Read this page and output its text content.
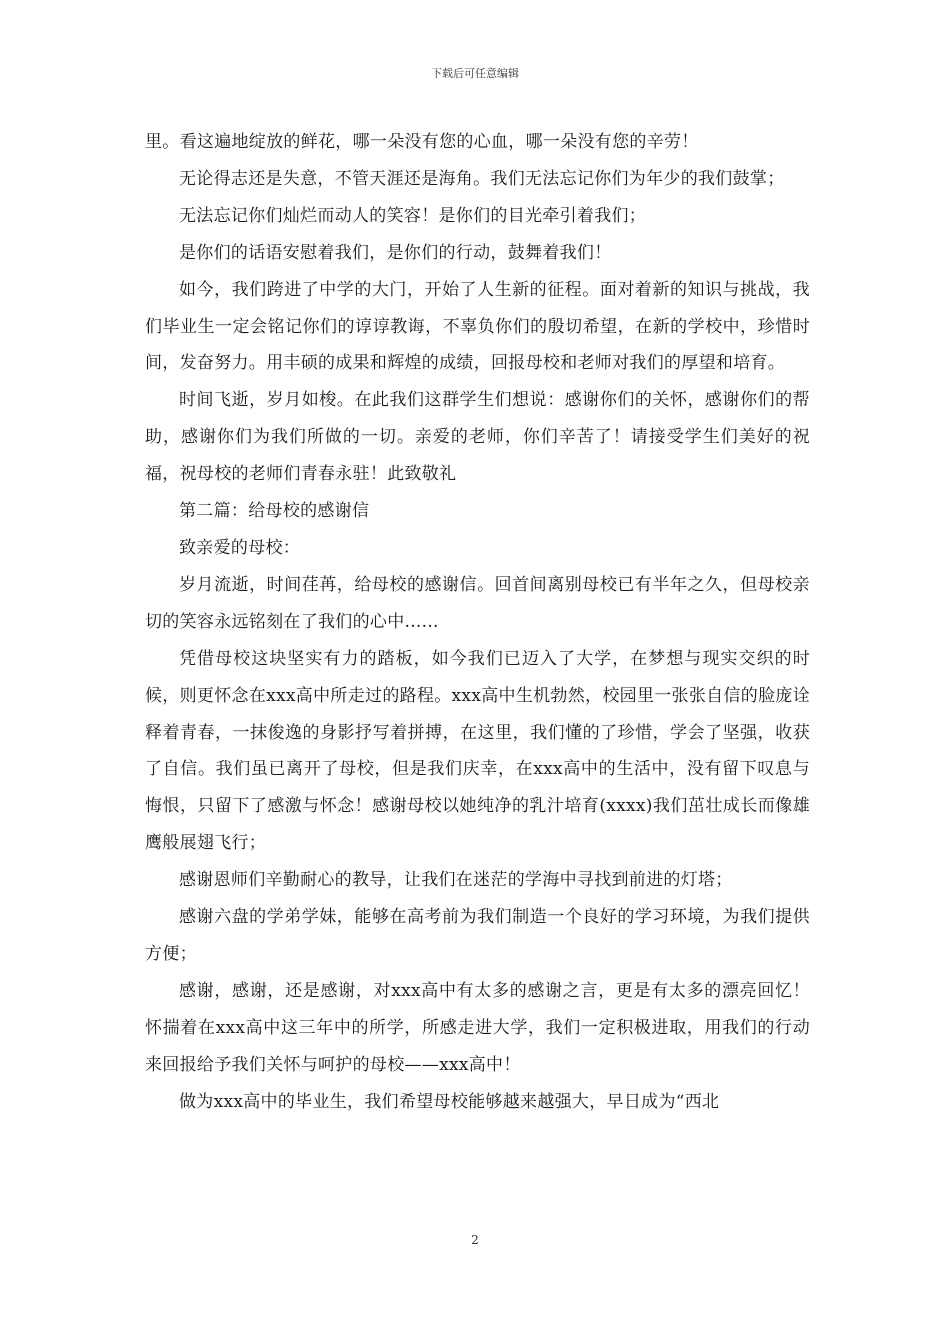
下载后可任意编辑

里。看这遍地绽放的鲜花，哪一朵没有您的心血，哪一朵没有您的辛劳！

无论得志还是失意，不管天涯还是海角。我们无法忘记你们为年少的我们鼓掌；

无法忘记你们灿烂而动人的笑容！是你们的目光牵引着我们；

是你们的话语安慰着我们，是你们的行动，鼓舞着我们！

如今，我们跨进了中学的大门，开始了人生新的征程。面对着新的知识与挑战，我们毕业生一定会铭记你们的谆谆教诲，不辜负你们的殷切希望，在新的学校中，珍惜时间，发奋努力。用丰硕的成果和辉煌的成绩，回报母校和老师对我们的厚望和培育。

时间飞逝，岁月如梭。在此我们这群学生们想说：感谢你们的关怀，感谢你们的帮助，感谢你们为我们所做的一切。亲爱的老师，你们辛苦了！请接受学生们美好的祝福，祝母校的老师们青春永驻！此致敬礼

第二篇：给母校的感谢信

致亲爱的母校：

岁月流逝，时间荏苒，给母校的感谢信。回首间离别母校已有半年之久，但母校亲切的笑容永远铭刻在了我们的心中......

凭借母校这块坚实有力的踏板，如今我们已迈入了大学，在梦想与现实交织的时候，则更怀念在xxx高中所走过的路程。xxx高中生机勃然，校园里一张张自信的脸庞诠释着青春，一抹俊逸的身影抒写着拼搏，在这里，我们懂的了珍惜，学会了坚强，收获了自信。我们虽已离开了母校，但是我们庆幸，在xxx高中的生活中，没有留下叹息与悔恨，只留下了感激与怀念！感谢母校以她纯净的乳汁培育(xxxx)我们茁壮成长而像雄鹰般展翅飞行；

感谢恩师们辛勤耐心的教导，让我们在迷茫的学海中寻找到前进的灯塔；

感谢六盘的学弟学妹，能够在高考前为我们制造一个良好的学习环境，为我们提供方便；

感谢，感谢，还是感谢，对xxx高中有太多的感谢之言，更是有太多的漂亮回忆！怀揣着在xxx高中这三年中的所学，所感走进大学，我们一定积极进取，用我们的行动来回报给予我们关怀与呵护的母校——xxx高中！

做为xxx高中的毕业生，我们希望母校能够越来越强大，早日成为“西北

2
